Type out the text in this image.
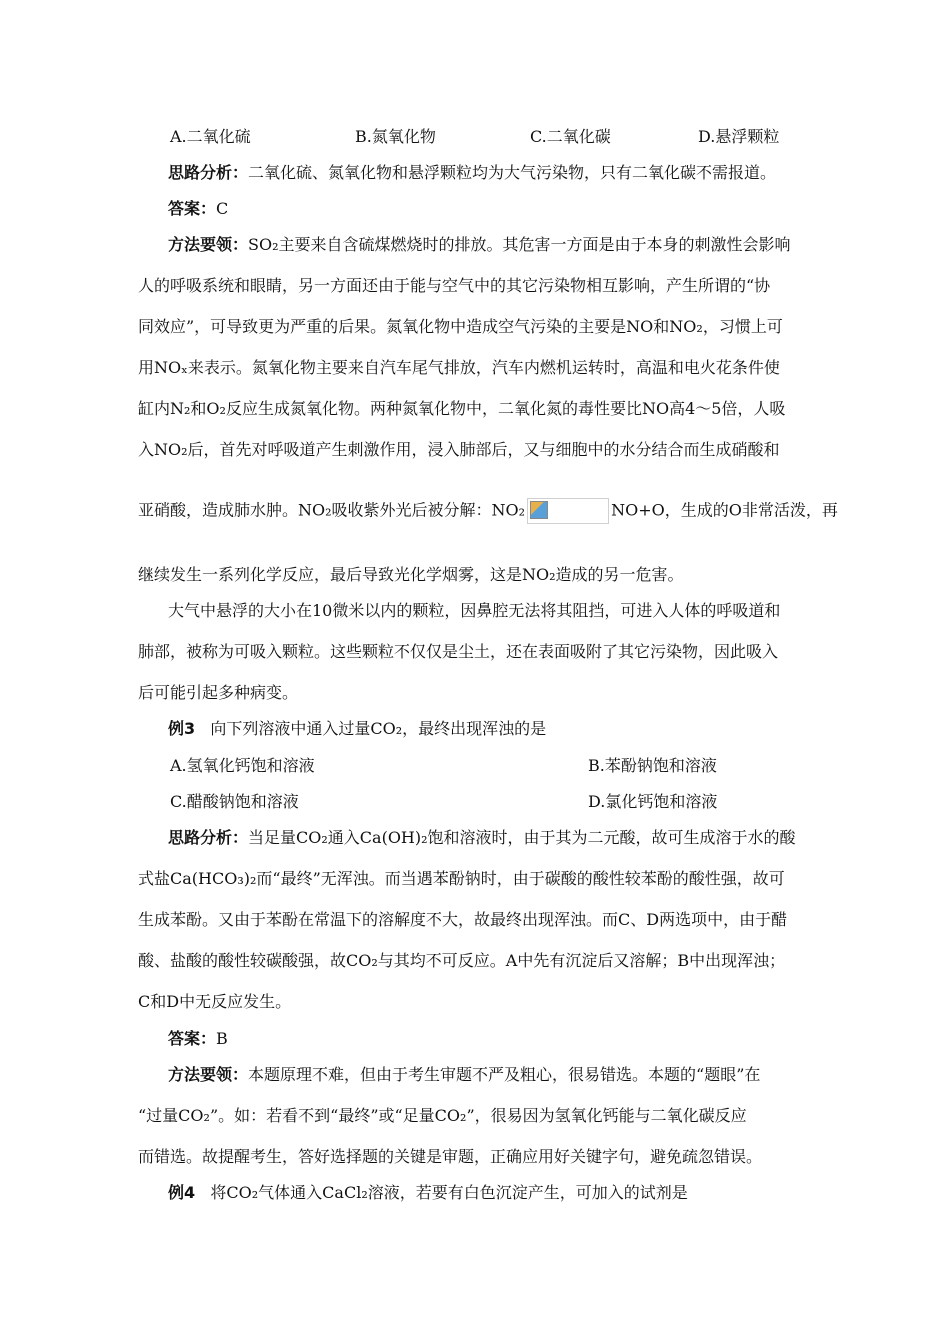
A.二氧化硫	B.氮氧化物	C.二氧化碳	D.悬浮颗粒
思路分析：二氧化硫、氮氧化物和悬浮颗粒均为大气污染物，只有二氧化碳不需报道。
答案：C
方法要领：SO₂主要来自含硫煤燃烧时的排放。其危害一方面是由于本身的刺激性会影响
人的呼吸系统和眼睛，另一方面还由于能与空气中的其它污染物相互影响，产生所谓的“协
同效应”，可导致更为严重的后果。氮氧化物中造成空气污染的主要是NO和NO₂，习惯上可
用NOₓ来表示。氮氧化物主要来自汽车尾气排放，汽车内燃机运转时，高温和电火花条件使
缸内N₂和O₂反应生成氮氧化物。两种氮氧化物中，二氧化氮的毒性要比NO高4～5倍，人吸
入NO₂后，首先对呼吸道产生刺激作用，浸入肺部后，又与细胞中的水分结合而生成硝酸和
亚硝酸，造成肺水肿。NO₂吸收紫外光后被分解：NO₂	NO+O，生成的O非常活泼，再
继续发生一系列化学反应，最后导致光化学烟雾，这是NO₂造成的另一危害。
大气中悬浮的大小在10微米以内的颗粒，因鼻腔无法将其阻挡，可进入人体的呼吸道和
肺部，被称为可吸入颗粒。这些颗粒不仅仅是尘土，还在表面吸附了其它污染物，因此吸入
后可能引起多种病变。
例3 向下列溶液中通入过量CO₂，最终出现浑浊的是
A.氢氧化钙饱和溶液	B.苯酚钠饱和溶液
C.醋酸钠饱和溶液	D.氯化钙饱和溶液
思路分析：当足量CO₂通入Ca(OH)₂饱和溶液时，由于其为二元酸，故可生成溶于水的酸
式盐Ca(HCO₃)₂而“最终”无浑浊。而当遇苯酚钠时，由于碳酸的酸性较苯酚的酸性强，故可
生成苯酚。又由于苯酚在常温下的溶解度不大，故最终出现浑浊。而C、D两选项中，由于醋
酸、盐酸的酸性较碳酸强，故CO₂与其均不可反应。A中先有沉淀后又溶解；B中出现浑浊；
C和D中无反应发生。
答案：B
方法要领：本题原理不难，但由于考生审题不严及粗心，很易错选。本题的“题眼”在
“过量CO₂”。如：若看不到“最终”或“足量CO₂”，很易因为氢氧化钙能与二氧化碳反应
而错选。故提醒考生，答好选择题的关键是审题，正确应用好关键字句，避免疏忽错误。
例4 将CO₂气体通入CaCl₂溶液，若要有白色沉淀产生，可加入的试剂是
